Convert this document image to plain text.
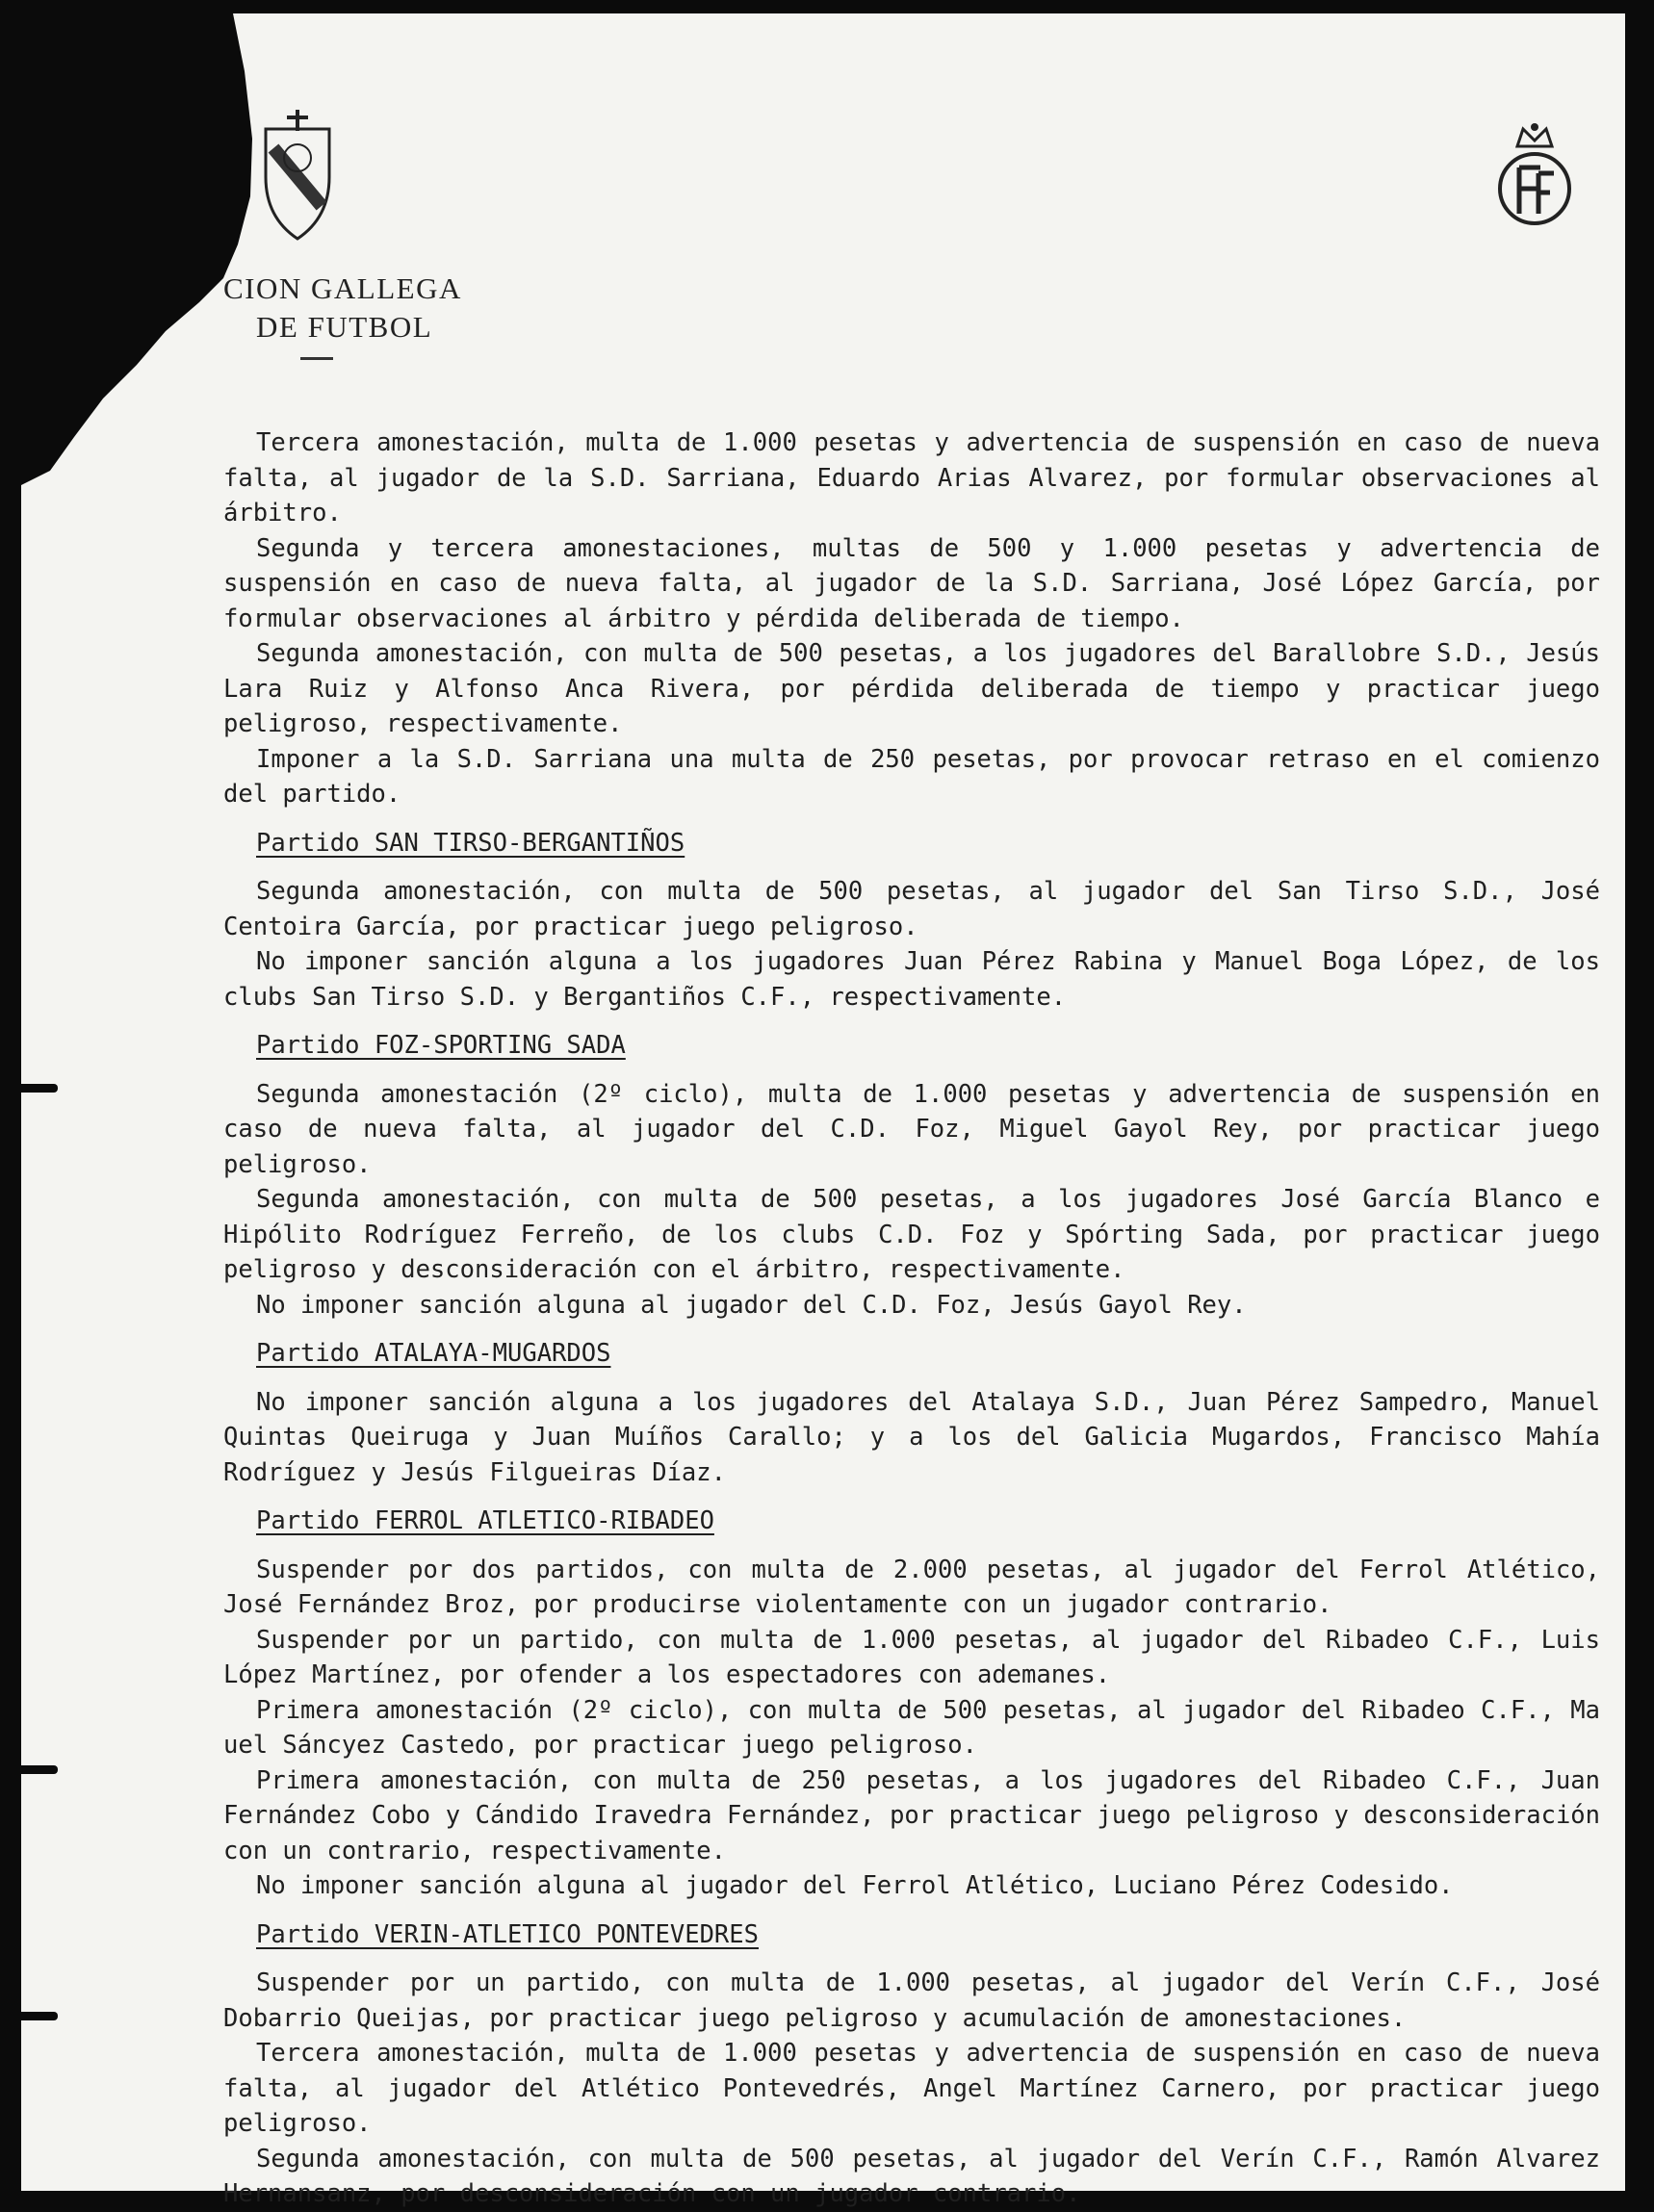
CION GALLEGA
DE FUTBOL

Tercera amonestación, multa de 1.000 pesetas y advertencia de suspensión en caso de nueva falta, al jugador de la S.D. Sarriana, Eduardo Arias Alvarez, por formular observaciones al árbitro.

Segunda y tercera amonestaciones, multas de 500 y 1.000 pesetas y advertencia de suspensión en caso de nueva falta, al jugador de la S.D. Sarriana, José López García, por formular observaciones al árbitro y pérdida deliberada de tiempo.

Segunda amonestación, con multa de 500 pesetas, a los jugadores del Barallobre S.D., Jesús Lara Ruiz y Alfonso Anca Rivera, por pérdida deliberada de tiempo y practicar juego peligroso, respectivamente.

Imponer a la S.D. Sarriana una multa de 250 pesetas, por provocar retraso en el comienzo del partido.

Partido SAN TIRSO-BERGANTIÑOS

Segunda amonestación, con multa de 500 pesetas, al jugador del San Tirso S.D., José Centoira García, por practicar juego peligroso.

No imponer sanción alguna a los jugadores Juan Pérez Rabina y Manuel Boga López, de los clubs San Tirso S.D. y Bergantiños C.F., respectivamente.

Partido FOZ-SPORTING SADA

Segunda amonestación (2º ciclo), multa de 1.000 pesetas y advertencia de suspensión en caso de nueva falta, al jugador del C.D. Foz, Miguel Gayol Rey, por practicar juego peligroso.

Segunda amonestación, con multa de 500 pesetas, a los jugadores José García Blanco e Hipólito Rodríguez Ferreño, de los clubs C.D. Foz y Spórting Sada, por practicar juego peligroso y desconsideración con el árbitro, respectivamente.

No imponer sanción alguna al jugador del C.D. Foz, Jesús Gayol Rey.

Partido ATALAYA-MUGARDOS

No imponer sanción alguna a los jugadores del Atalaya S.D., Juan Pérez Sampedro, Manuel Quintas Queiruga y Juan Muíños Carallo; y a los del Galicia Mugardos, Francisco Mahía Rodríguez y Jesús Filgueiras Díaz.

Partido FERROL ATLETICO-RIBADEO

Suspender por dos partidos, con multa de 2.000 pesetas, al jugador del Ferrol Atlético, José Fernández Broz, por producirse violentamente con un jugador contrario.

Suspender por un partido, con multa de 1.000 pesetas, al jugador del Ribadeo C.F., Luis López Martínez, por ofender a los espectadores con ademanes.

Primera amonestación (2º ciclo), con multa de 500 pesetas, al jugador del Ribadeo C.F., Ma uel Sáncyez Castedo, por practicar juego peligroso.

Primera amonestación, con multa de 250 pesetas, a los jugadores del Ribadeo C.F., Juan Fernández Cobo y Cándido Iravedra Fernández, por practicar juego peligroso y desconsideración con un contrario, respectivamente.

No imponer sanción alguna al jugador del Ferrol Atlético, Luciano Pérez Codesido.

Partido VERIN-ATLETICO PONTEVEDRES

Suspender por un partido, con multa de 1.000 pesetas, al jugador del Verín C.F., José Dobarrio Queijas, por practicar juego peligroso y acumulación de amonestaciones.

Tercera amonestación, multa de 1.000 pesetas y advertencia de suspensión en caso de nueva falta, al jugador del Atlético Pontevedrés, Angel Martínez Carnero, por practicar juego peligroso.

Segunda amonestación, con multa de 500 pesetas, al jugador del Verín C.F., Ramón Alvarez Hernansanz, por desconsideración con un jugador contrario.
